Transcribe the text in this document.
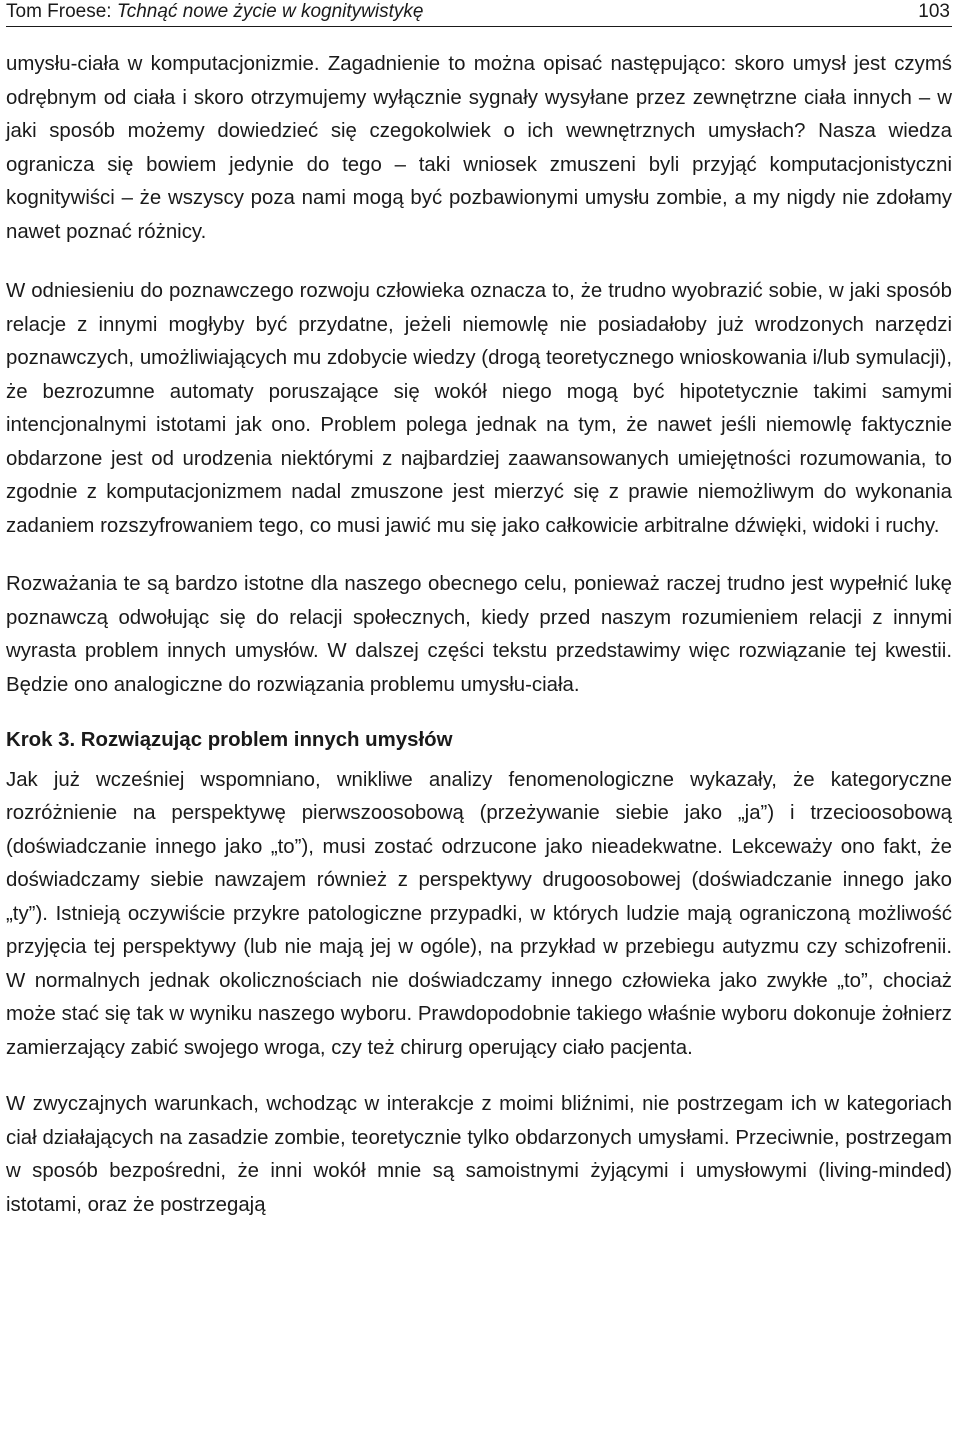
Tom Froese: Tchnąć nowe życie w kognitywistykę	103

umysłu-ciała w komputacjonizmie. Zagadnienie to można opisać następująco: skoro umysł jest czymś odrębnym od ciała i skoro otrzymujemy wyłącznie sygnały wysyłane przez zewnętrzne ciała innych – w jaki sposób możemy dowiedzieć się czegokolwiek o ich wewnętrznych umysłach? Nasza wiedza ogranicza się bowiem jedynie do tego – taki wniosek zmuszeni byli przyjąć komputacjonistyczni kognitywiści – że wszyscy poza nami mogą być pozbawionymi umysłu zombie, a my nigdy nie zdołamy nawet poznać różnicy.

W odniesieniu do poznawczego rozwoju człowieka oznacza to, że trudno wyobrazić sobie, w jaki sposób relacje z innymi mogłyby być przydatne, jeżeli niemowlę nie posiadałoby już wrodzonych narzędzi poznawczych, umożliwiających mu zdobycie wiedzy (drogą teoretycznego wnioskowania i/lub symulacji), że bezrozumne automaty poruszające się wokół niego mogą być hipotetycznie takimi samymi intencjonalnymi istotami jak ono. Problem polega jednak na tym, że nawet jeśli niemowlę faktycznie obdarzone jest od urodzenia niektórymi z najbardziej zaawansowanych umiejętności rozumowania, to zgodnie z komputacjonizmem nadal zmuszone jest mierzyć się z prawie niemożliwym do wykonania zadaniem rozszyfrowaniem tego, co musi jawić mu się jako całkowicie arbitralne dźwięki, widoki i ruchy.

Rozważania te są bardzo istotne dla naszego obecnego celu, ponieważ raczej trudno jest wypełnić lukę poznawczą odwołując się do relacji społecznych, kiedy przed naszym rozumieniem relacji z innymi wyrasta problem innych umysłów. W dalszej części tekstu przedstawimy więc rozwiązanie tej kwestii. Będzie ono analogiczne do rozwiązania problemu umysłu-ciała.

Krok 3. Rozwiązując problem innych umysłów

Jak już wcześniej wspomniano, wnikliwe analizy fenomenologiczne wykazały, że kategoryczne rozróżnienie na perspektywę pierwszoosobową (przeżywanie siebie jako „ja”) i trzecioosobową (doświadczanie innego jako „to”), musi zostać odrzucone jako nieadekwatne. Lekceważy ono fakt, że doświadczamy siebie nawzajem również z perspektywy drugoosobowej (doświadczanie innego jako „ty”). Istnieją oczywiście przykre patologiczne przypadki, w których ludzie mają ograniczoną możliwość przyjęcia tej perspektywy (lub nie mają jej w ogóle), na przykład w przebiegu autyzmu czy schizofrenii. W normalnych jednak okolicznościach nie doświadczamy innego człowieka jako zwykłe „to”, chociaż może stać się tak w wyniku naszego wyboru. Prawdopodobnie takiego właśnie wyboru dokonuje żołnierz zamierzający zabić swojego wroga, czy też chirurg operujący ciało pacjenta.

W zwyczajnych warunkach, wchodząc w interakcje z moimi bliźnimi, nie postrzegam ich w kategoriach ciał działających na zasadzie zombie, teoretycznie tylko obdarzonych umysłami. Przeciwnie, postrzegam w sposób bezpośredni, że inni wokół mnie są samoistnymi żyjącymi i umysłowymi (living-minded) istotami, oraz że postrzegają
